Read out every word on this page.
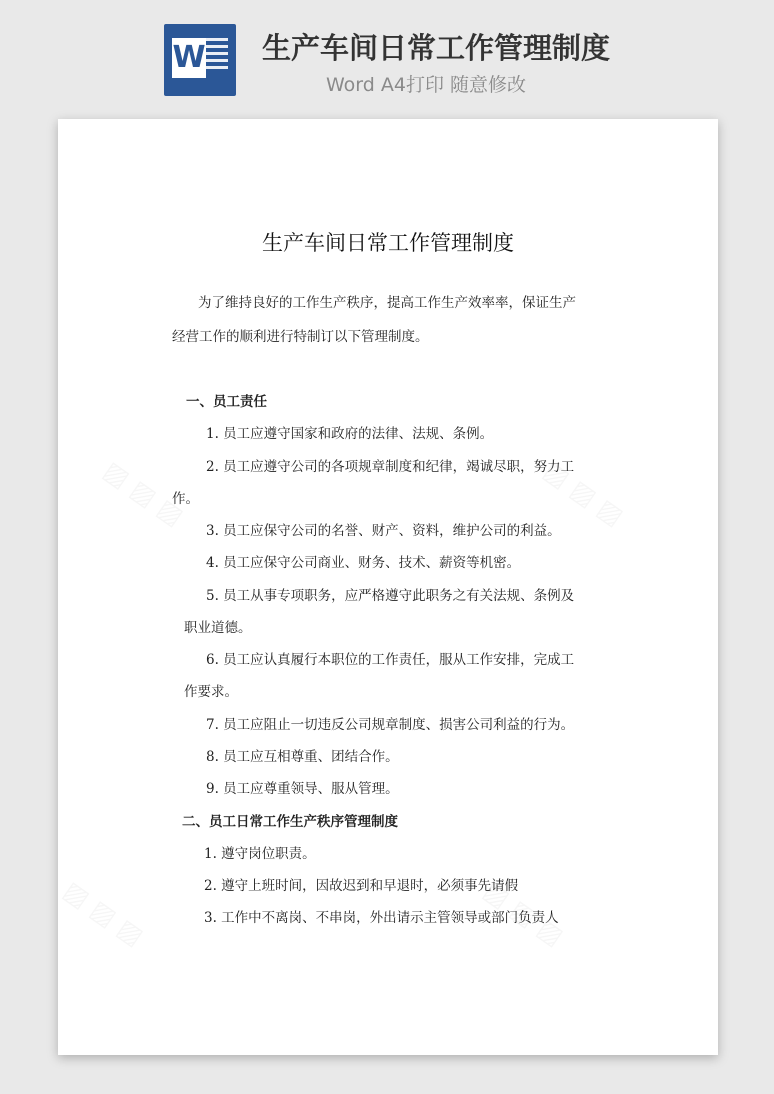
W 生产车间日常工作管理制度
Word A4打印 随意修改
生产车间日常工作管理制度
为了维持良好的工作生产秩序，提高工作生产效率率，保证生产
经营工作的顺利进行特制订以下管理制度。
一、员工责任
1. 员工应遵守国家和政府的法律、法规、条例。
2. 员工应遵守公司的各项规章制度和纪律，竭诚尽职，努力工
作。
3. 员工应保守公司的名誉、财产、资料，维护公司的利益。
4. 员工应保守公司商业、财务、技术、薪资等机密。
5. 员工从事专项职务，应严格遵守此职务之有关法规、条例及
职业道德。
6. 员工应认真履行本职位的工作责任，服从工作安排，完成工
作要求。
7. 员工应阻止一切违反公司规章制度、损害公司利益的行为。
8. 员工应互相尊重、团结合作。
9. 员工应尊重领导、服从管理。
二、员工日常工作生产秩序管理制度
1. 遵守岗位职责。
2. 遵守上班时间，因故迟到和早退时，必须事先请假
3. 工作中不离岗、不串岗，外出请示主管领导或部门负责人
